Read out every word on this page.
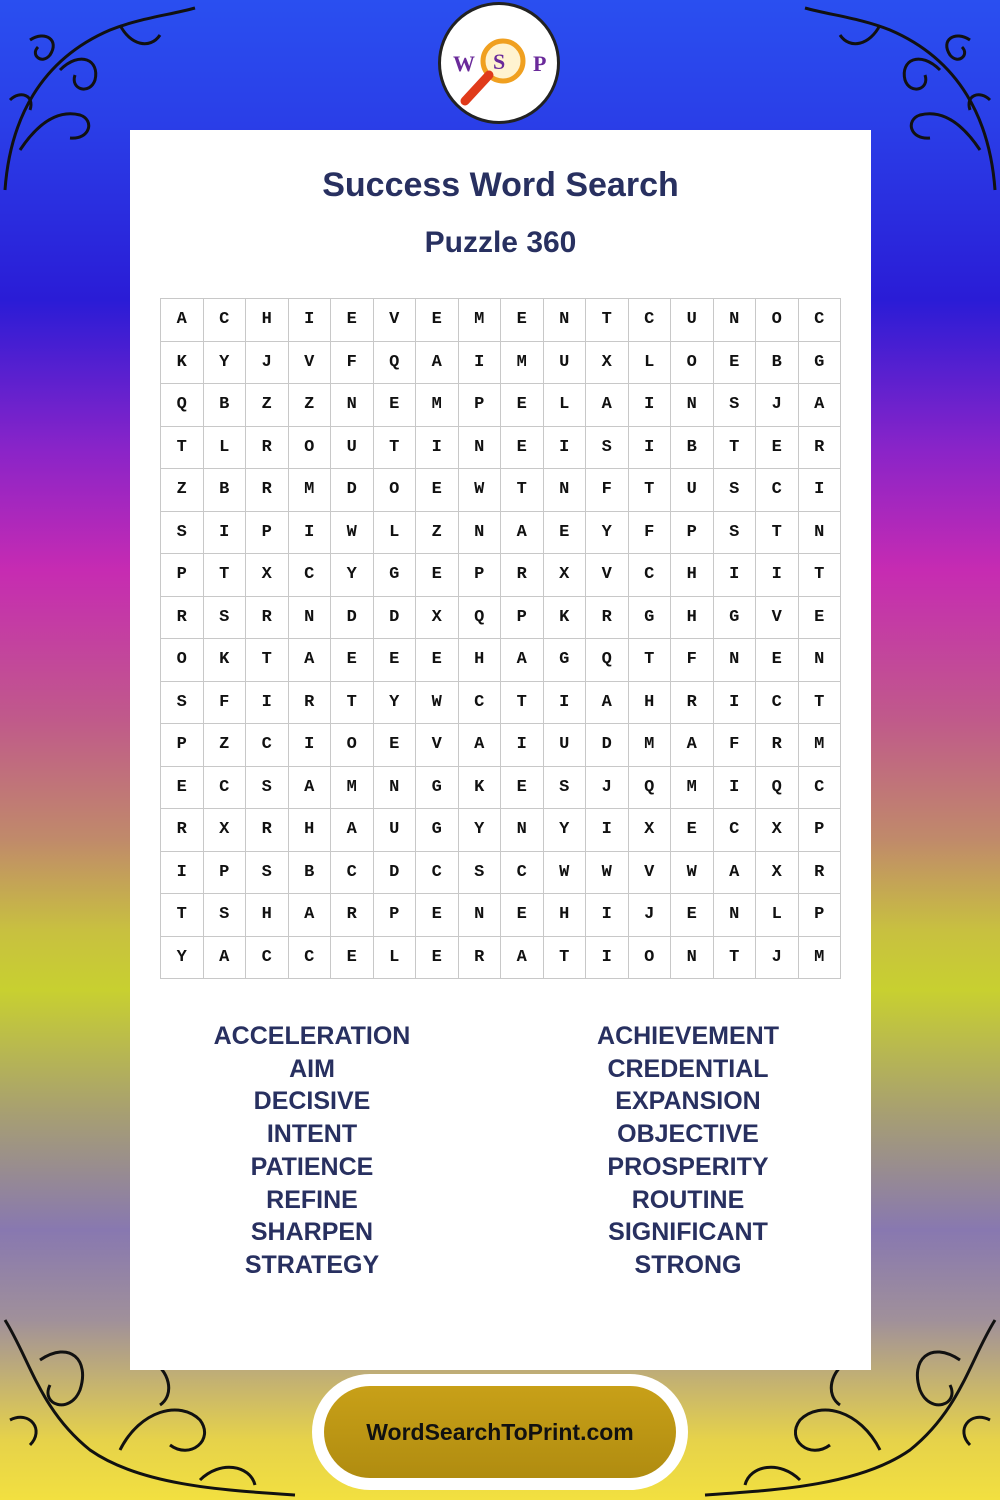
Success Word Search
Puzzle 360
A	C	H	I	E	V	E	M	E	N	T	C	U	N	O	C
K	Y	J	V	F	Q	A	I	M	U	X	L	O	E	B	G
Q	B	Z	Z	N	E	M	P	E	L	A	I	N	S	J	A
T	L	R	O	U	T	I	N	E	I	S	I	B	T	E	R
Z	B	R	M	D	O	E	W	T	N	F	T	U	S	C	I
S	I	P	I	W	L	Z	N	A	E	Y	F	P	S	T	N
P	T	X	C	Y	G	E	P	R	X	V	C	H	I	I	T
R	S	R	N	D	D	X	Q	P	K	R	G	H	G	V	E
O	K	T	A	E	E	E	H	A	G	Q	T	F	N	E	N
S	F	I	R	T	Y	W	C	T	I	A	H	R	I	C	T
P	Z	C	I	O	E	V	A	I	U	D	M	A	F	R	M
E	C	S	A	M	N	G	K	E	S	J	Q	M	I	Q	C
R	X	R	H	A	U	G	Y	N	Y	I	X	E	C	X	P
I	P	S	B	C	D	C	S	C	W	W	V	W	A	X	R
T	S	H	A	R	P	E	N	E	H	I	J	E	N	L	P
Y	A	C	C	E	L	E	R	A	T	I	O	N	T	J	M
ACCELERATION
AIM
DECISIVE
INTENT
PATIENCE
REFINE
SHARPEN
STRATEGY
ACHIEVEMENT
CREDENTIAL
EXPANSION
OBJECTIVE
PROSPERITY
ROUTINE
SIGNIFICANT
STRONG
W S P
WordSearchToPrint.com
